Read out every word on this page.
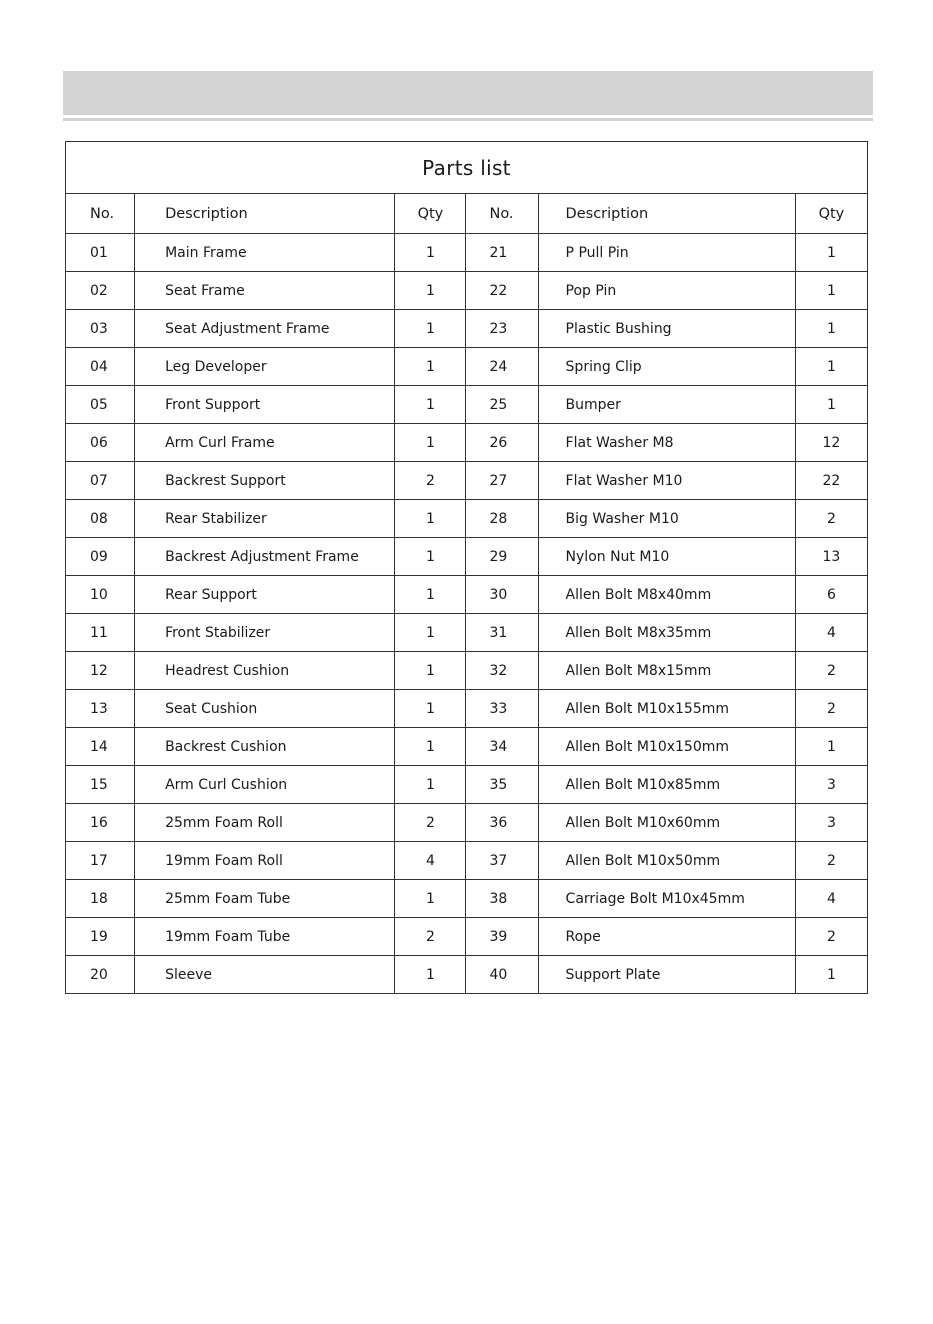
Parts list					
No.	Description	Qty	No.	Description	Qty
01	Main Frame	1	21	P Pull Pin	1
02	Seat Frame	1	22	Pop Pin	1
03	Seat Adjustment Frame	1	23	Plastic Bushing	1
04	Leg Developer	1	24	Spring Clip	1
05	Front Support	1	25	Bumper	1
06	Arm Curl Frame	1	26	Flat Washer M8	12
07	Backrest Support	2	27	Flat Washer M10	22
08	Rear Stabilizer	1	28	Big Washer M10	2
09	Backrest Adjustment Frame	1	29	Nylon Nut M10	13
10	Rear Support	1	30	Allen Bolt M8x40mm	6
11	Front Stabilizer	1	31	Allen Bolt M8x35mm	4
12	Headrest Cushion	1	32	Allen Bolt M8x15mm	2
13	Seat Cushion	1	33	Allen Bolt M10x155mm	2
14	Backrest Cushion	1	34	Allen Bolt M10x150mm	1
15	Arm Curl Cushion	1	35	Allen Bolt M10x85mm	3
16	25mm Foam Roll	2	36	Allen Bolt M10x60mm	3
17	19mm Foam Roll	4	37	Allen Bolt M10x50mm	2
18	25mm Foam Tube	1	38	Carriage Bolt M10x45mm	4
19	19mm Foam Tube	2	39	Rope	2
20	Sleeve	1	40	Support Plate	1
